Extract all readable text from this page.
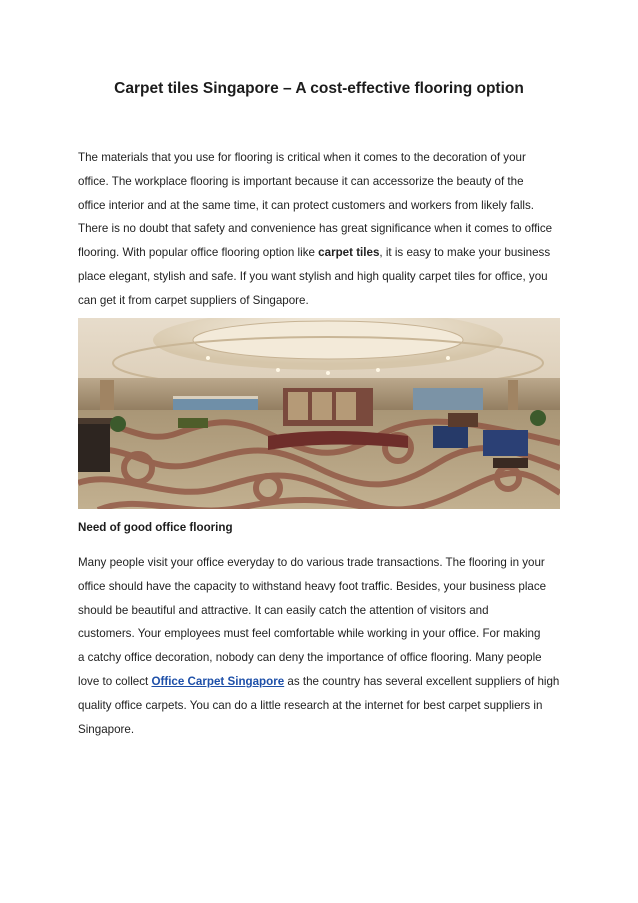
Carpet tiles Singapore – A cost-effective flooring option
The materials that you use for flooring is critical when it comes to the decoration of your
office. The workplace flooring is important because it can accessorize the beauty of the
office interior and at the same time, it can protect customers and workers from likely falls.
There is no doubt that safety and convenience has great significance when it comes to office
flooring. With popular office flooring option like carpet tiles, it is easy to make your business
place elegant, stylish and safe. If you want stylish and high quality carpet tiles for office, you
can get it from carpet suppliers of Singapore.
Need of good office flooring
Many people visit your office everyday to do various trade transactions. The flooring in your
office should have the capacity to withstand heavy foot traffic. Besides, your business place
should be beautiful and attractive. It can easily catch the attention of visitors and
customers. Your employees must feel comfortable while working in your office. For making
a catchy office decoration, nobody can deny the importance of office flooring. Many people
love to collect Office Carpet Singapore as the country has several excellent suppliers of high
quality office carpets. You can do a little research at the internet for best carpet suppliers in
Singapore.
